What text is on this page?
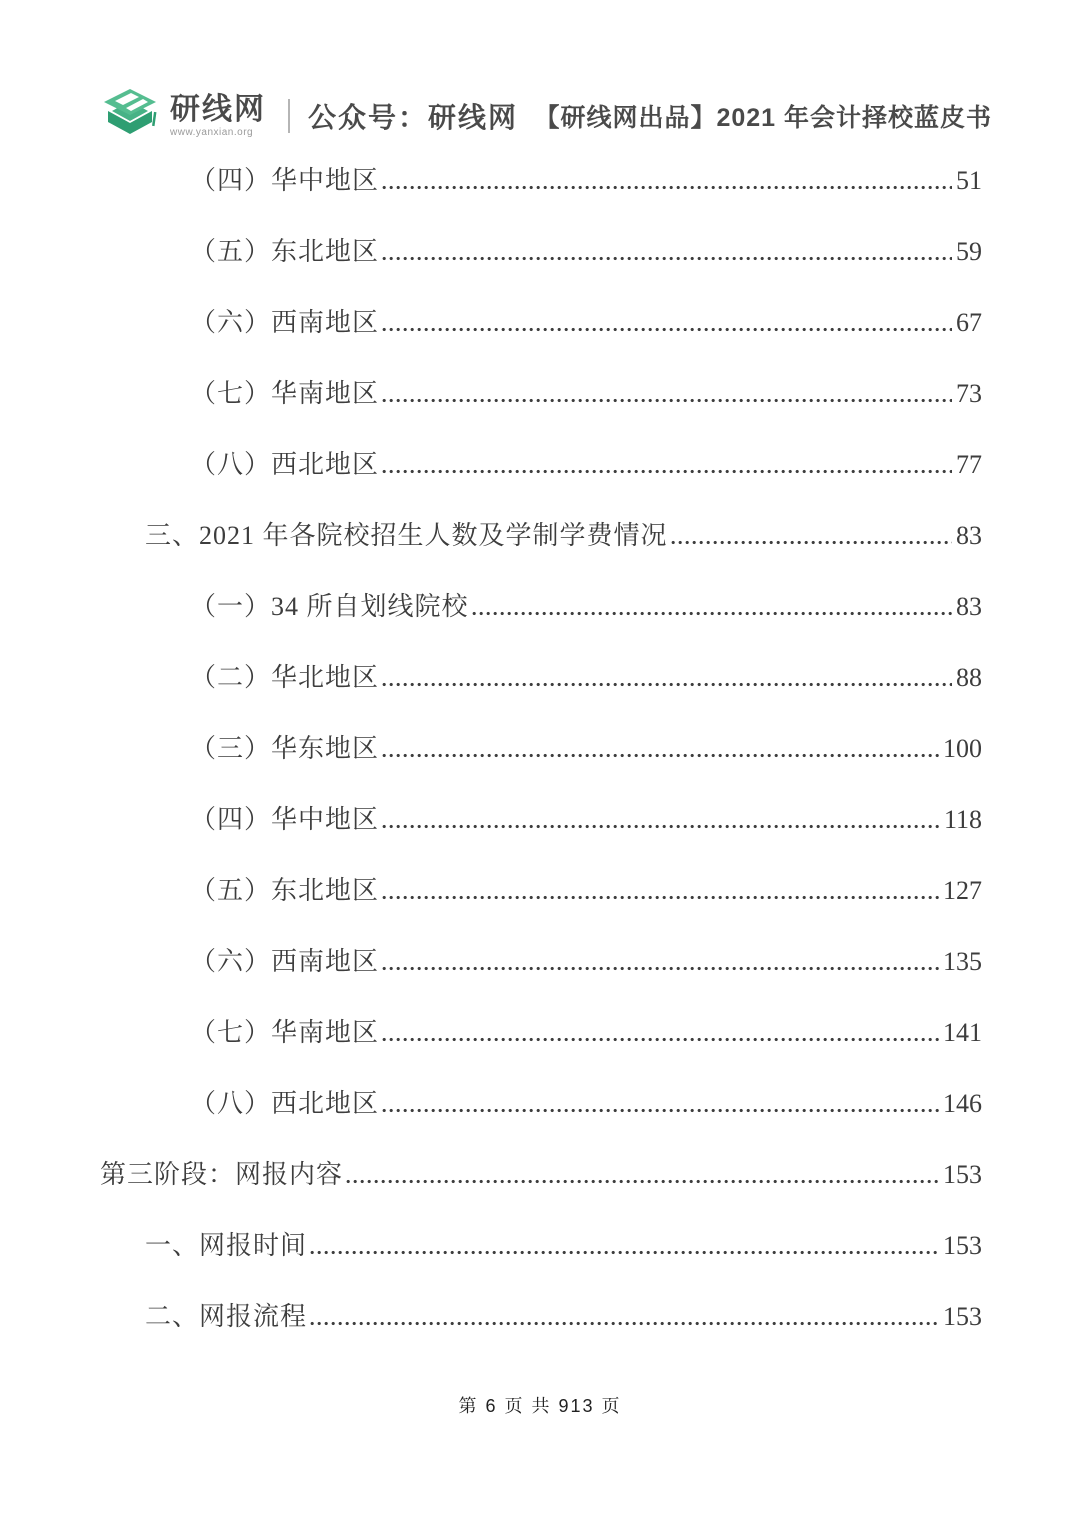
研线网
www.yanxian.org	公众号：研线网 【研线网出品】2021 年会计择校蓝皮书
（四）华中地区	51
（五）东北地区	59
（六）西南地区	67
（七）华南地区	73
（八）西北地区	77
三、2021 年各院校招生人数及学制学费情况	83
（一）34 所自划线院校	83
（二）华北地区	88
（三）华东地区	100
（四）华中地区	118
（五）东北地区	127
（六）西南地区	135
（七）华南地区	141
（八）西北地区	146
第三阶段：网报内容	153
一、网报时间	153
二、网报流程	153
第 6 页 共 913 页
